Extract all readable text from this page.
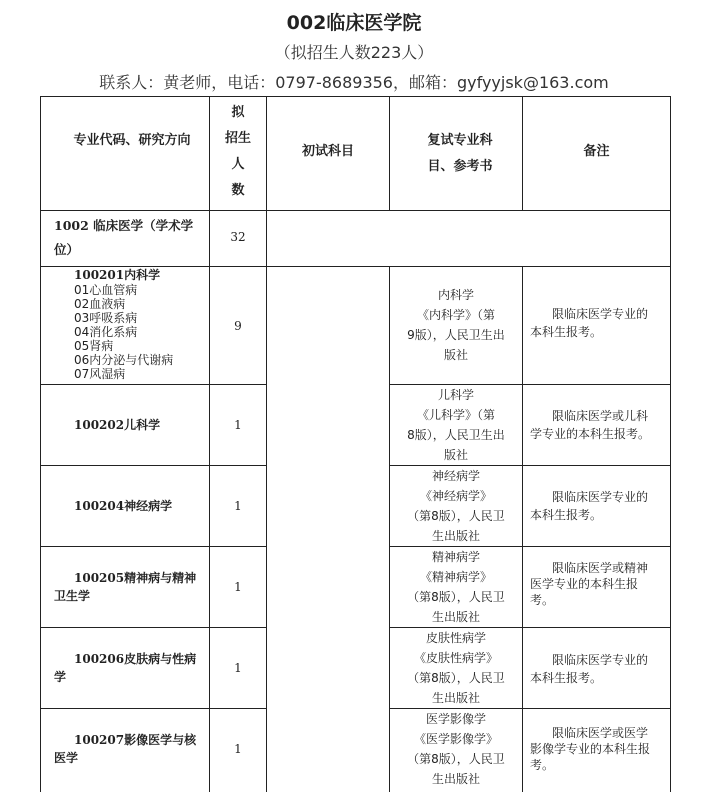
002临床医学院
（拟招生人数223人）
联系人：黄老师，电话：0797-8689356，邮箱：gyfyyjsk@163.com
专业代码、研究方向
拟
招生
人
数
初试科目
复试专业科目、参考书
备注
1002 临床医学（学术学位）
32
100201内科学
01心血管病
02血液病
03呼吸系病
04消化系病
05肾病
06内分泌与代谢病
07风湿病
9
内科学
《内科学》（第
9版），人民卫生出
版社
限临床医学专业的
本科生报考。
100202儿科学	1
儿科学
《儿科学》（第
8版），人民卫生出
版社
限临床医学或儿科
学专业的本科生报考。
100204神经病学	1
神经病学
《神经病学》
（第8版），人民卫
生出版社
限临床医学专业的
本科生报考。
100205精神病与精神
卫生学
1
精神病学
《精神病学》
（第8版），人民卫
生出版社
限临床医学或精神
医学专业的本科生报
考。
100206皮肤病与性病
学
1
皮肤性病学
《皮肤性病学》
（第8版），人民卫
生出版社
限临床医学专业的
本科生报考。
100207影像医学与核
医学
1
医学影像学
《医学影像学》
（第8版），人民卫
生出版社
限临床医学或医学
影像学专业的本科生报
考。
